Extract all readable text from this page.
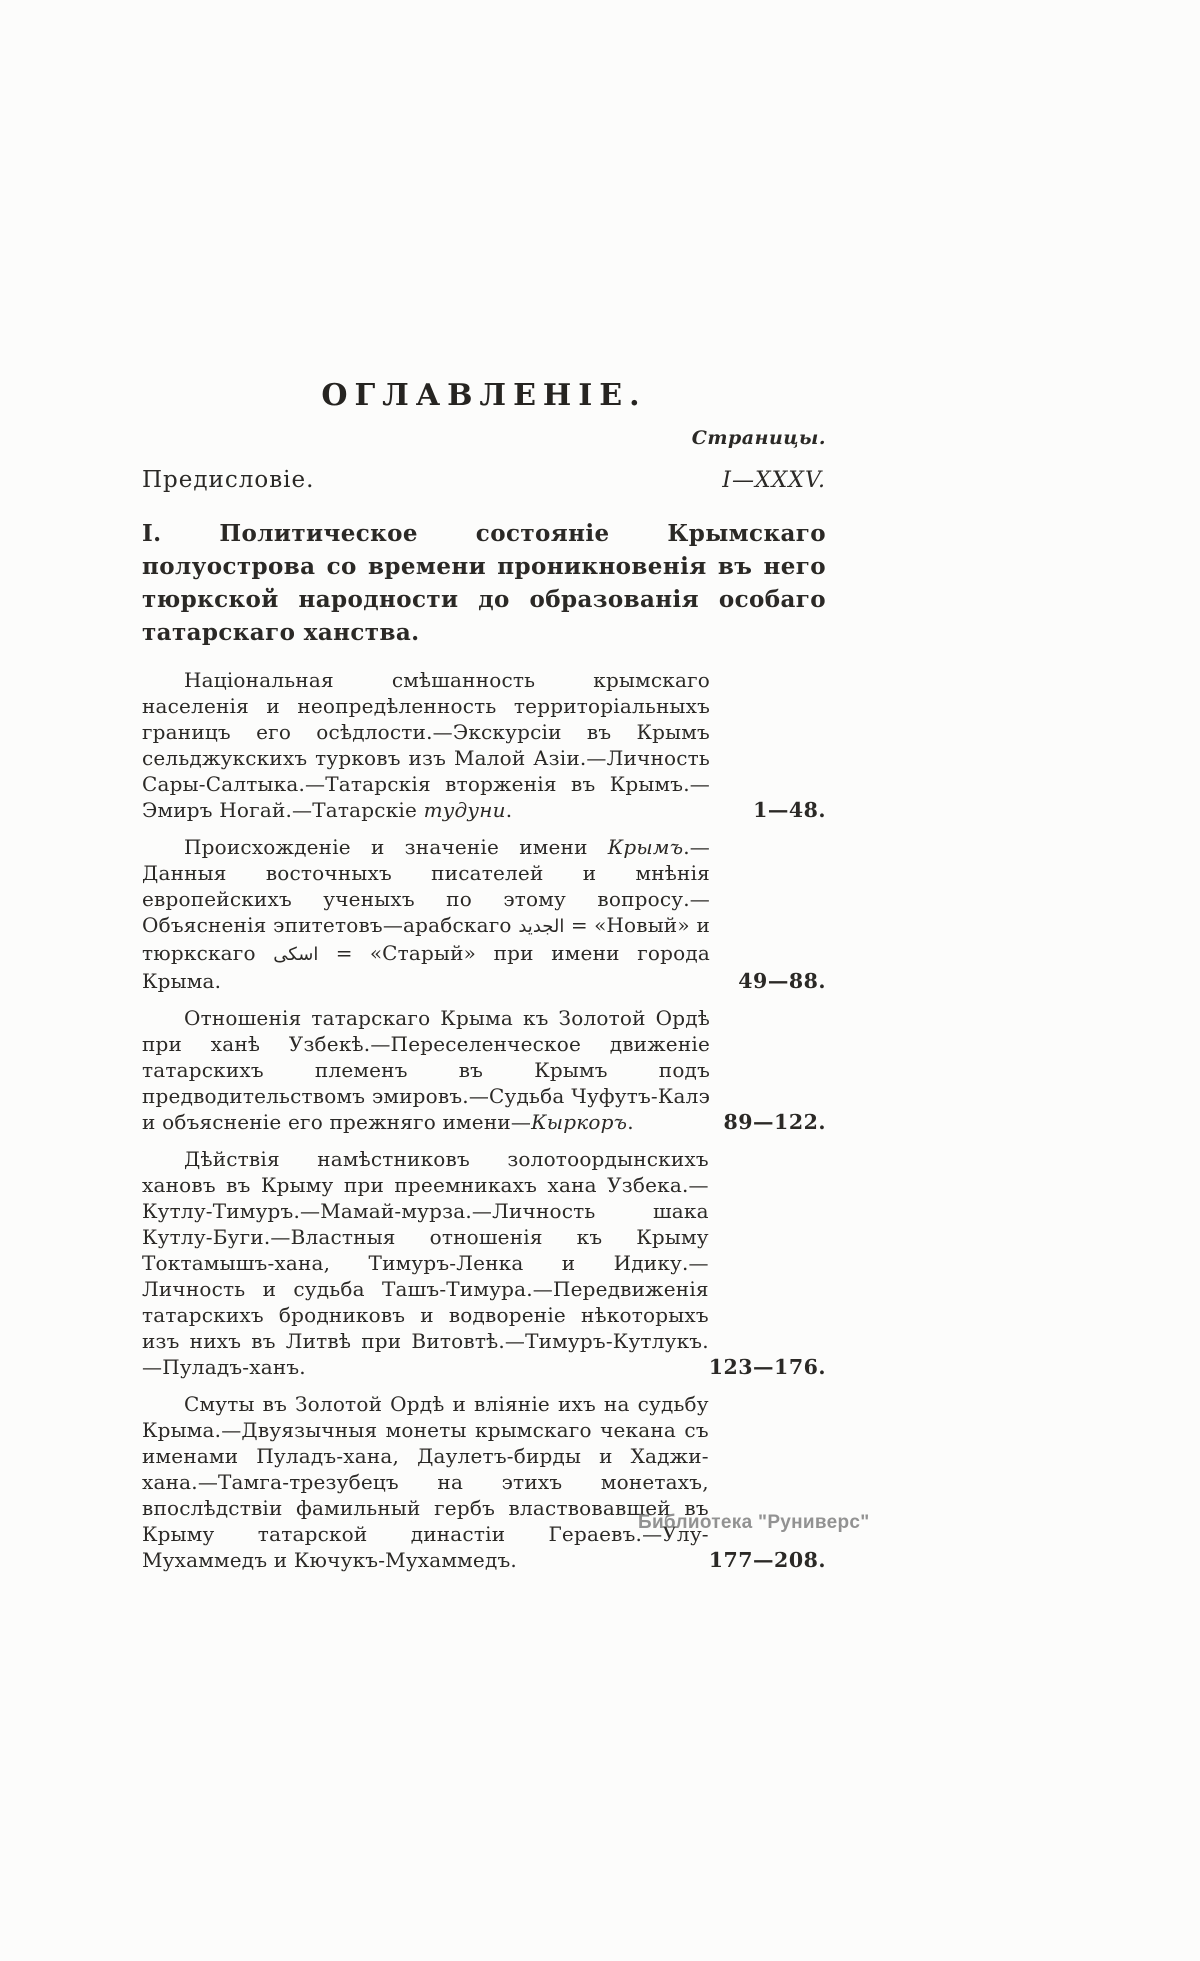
ОГЛАВЛЕНІЕ.
Страницы.
Предисловіе.	I—XXXV.
I. Политическое состояніе Крымскаго полуострова со времени проникновенія въ него тюркской народности до образованія особаго татарскаго ханства.

Національная смѣшанность крымскаго населенія и неопредѣленность территоріальныхъ границъ его осѣдлости.—Экскурсіи въ Крымъ сельджукскихъ турковъ изъ Малой Азіи.—Личность Сары-Салтыка.—Татарскія вторженія въ Крымъ.—Эмиръ Ногай.—Татарскіе тудуни.	1—48.

Происхожденіе и значеніе имени Крымъ.—Данныя восточныхъ писателей и мнѣнія европейскихъ ученыхъ по этому вопросу.—Объясненія эпитетовъ—арабскаго الجديد = «Новый» и тюркскаго اسكى = «Старый» при имени города Крыма.	49—88.

Отношенія татарскаго Крыма къ Золотой Ордѣ при ханѣ Узбекѣ.—Переселенческое движеніе татарскихъ племенъ въ Крымъ подъ предводительствомъ эмировъ.—Судьба Чуфутъ-Калэ и объясненіе его прежняго имени—Кыркоръ.	89—122.

Дѣйствія намѣстниковъ золотоордынскихъ хановъ въ Крыму при преемникахъ хана Узбека.—Кутлу-Тимуръ.—Мамай-мурза.—Личность шака Кутлу-Буги.—Властныя отношенія къ Крыму Токтамышъ-хана, Тимуръ-Ленка и Идику.—Личность и судьба Ташъ-Тимура.—Передвиженія татарскихъ бродниковъ и водвореніе нѣкоторыхъ изъ нихъ въ Литвѣ при Витовтѣ.—Тимуръ-Кутлукъ.—Пуладъ-ханъ.	123—176.

Смуты въ Золотой Ордѣ и вліяніе ихъ на судьбу Крыма.—Двуязычныя монеты крымскаго чекана съ именами Пуладъ-хана, Даулетъ-бирды и Хаджи-хана.—Тамга-трезубецъ на этихъ монетахъ, впослѣдствіи фамильный гербъ властвовавшей въ Крыму татарской династіи Гераевъ.—Улу-Мухаммедъ и Кючукъ-Мухаммедъ.	177—208.
Библиотека "Руниверс"
